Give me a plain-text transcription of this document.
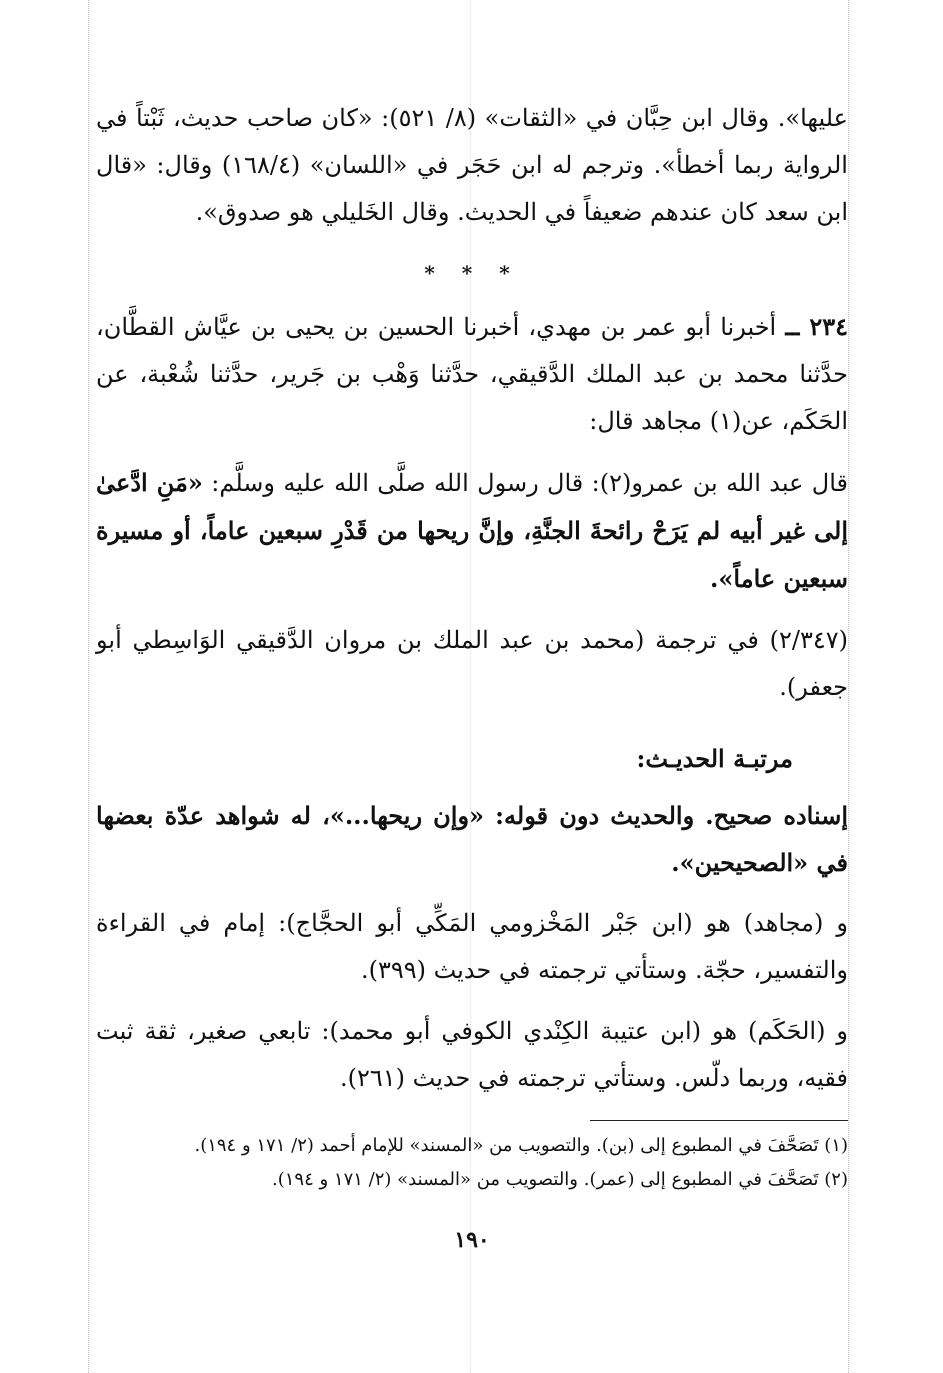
عليها». وقال ابن حِبَّان في «الثقات» (٨/ ٥٢١): «كان صاحب حديث، ثَبْتاً في الرواية ربما أخطأ». وترجم له ابن حَجَر في «اللسان» (١٦٨/٤) وقال: «قال ابن سعد كان عندهم ضعيفاً في الحديث. وقال الخَليلي هو صدوق».

* * *

٢٣٤ ــ أخبرنا أبو عمر بن مهدي، أخبرنا الحسين بن يحيى بن عيَّاش القطَّان، حدَّثنا محمد بن عبد الملك الدَّقيقي، حدَّثنا وَهْب بن جَرير، حدَّثنا شُعْبة، عن الحَكَم، عن(١) مجاهد قال:

قال عبد الله بن عمرو(٢): قال رسول الله صلَّى الله عليه وسلَّم: «مَنِ ادَّعىٰ إلى غير أبيه لم يَرَحْ رائحةَ الجنَّةِ، وإنَّ ريحها من قَدْرِ سبعين عاماً، أو مسيرة سبعين عاماً».

(٢/٣٤٧) في ترجمة (محمد بن عبد الملك بن مروان الدَّقيقي الوَاسِطي أبو جعفر).

مرتبـة الحديـث:

إسناده صحيح. والحديث دون قوله: «وإن ريحها...»، له شواهد عدّة بعضها في «الصحيحين».

و (مجاهد) هو (ابن جَبْر المَخْزومي المَكِّي أبو الحجَّاج): إمام في القراءة والتفسير، حجّة. وستأتي ترجمته في حديث (٣٩٩).

و (الحَكَم) هو (ابن عتيبة الكِنْدي الكوفي أبو محمد): تابعي صغير، ثقة ثبت فقيه، وربما دلّس. وستأتي ترجمته في حديث (٢٦١).

(١) تَصَحَّفَ في المطبوع إلى (بن). والتصويب من «المسند» للإمام أحمد (٢/ ١٧١ و ١٩٤).

(٢) تَصَحَّفَ في المطبوع إلى (عمر). والتصويب من «المسند» (٢/ ١٧١ و ١٩٤).

١٩٠
